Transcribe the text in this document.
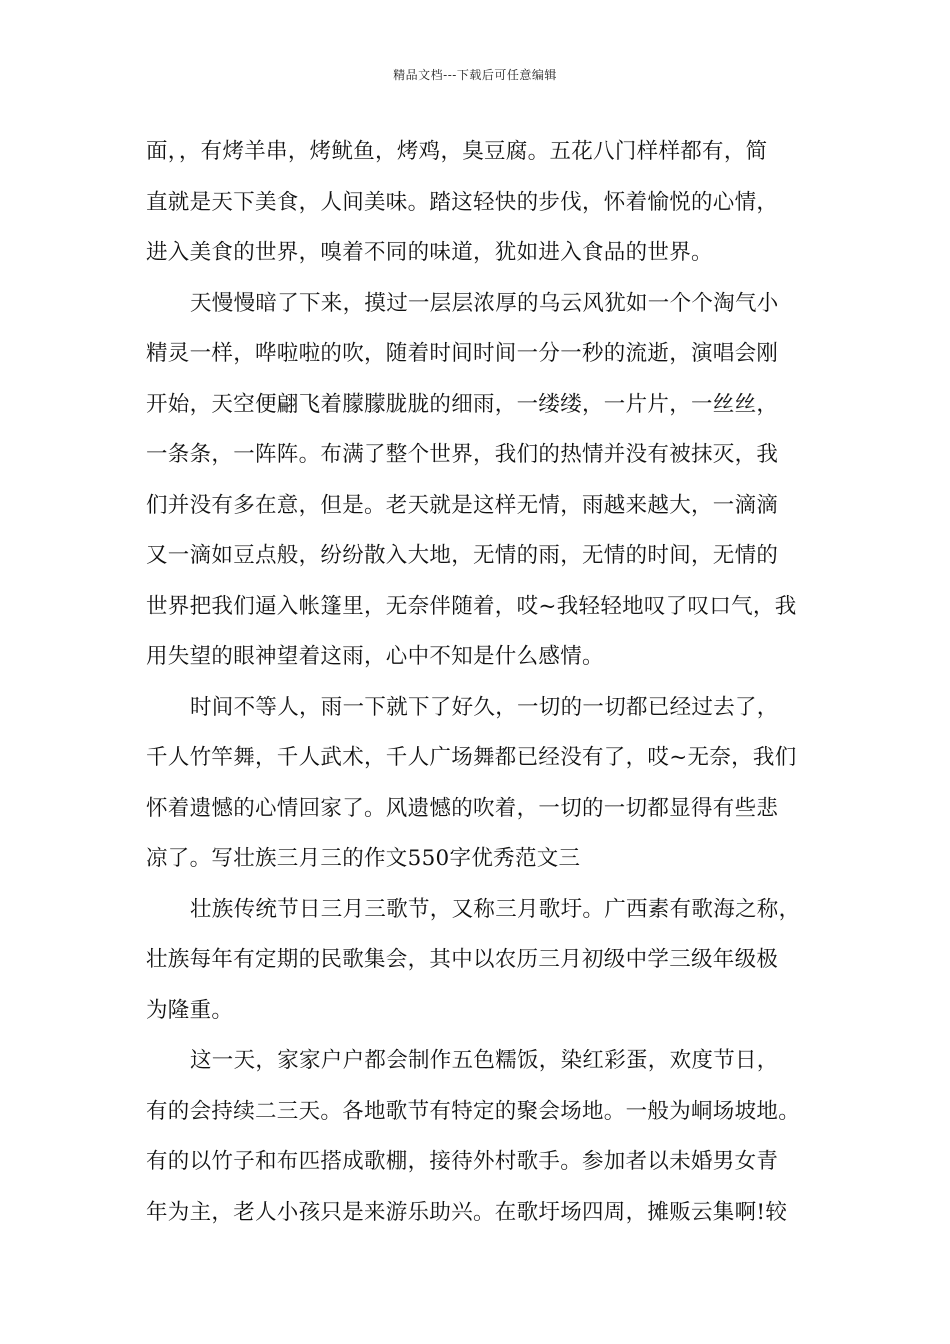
精品文档---下载后可任意编辑
面，，有烤羊串，烤鱿鱼，烤鸡，臭豆腐。五花八门样样都有，简
直就是天下美食，人间美味。踏这轻快的步伐，怀着愉悦的心情，
进入美食的世界，嗅着不同的味道，犹如进入食品的世界。
天慢慢暗了下来，摸过一层层浓厚的乌云风犹如一个个淘气小
精灵一样，哗啦啦的吹，随着时间时间一分一秒的流逝，演唱会刚
开始，天空便翩飞着朦朦胧胧的细雨，一缕缕，一片片，一丝丝，
一条条，一阵阵。布满了整个世界，我们的热情并没有被抹灭，我
们并没有多在意，但是。老天就是这样无情，雨越来越大，一滴滴
又一滴如豆点般，纷纷散入大地，无情的雨，无情的时间，无情的
世界把我们逼入帐篷里，无奈伴随着，哎~我轻轻地叹了叹口气，我
用失望的眼神望着这雨，心中不知是什么感情。
时间不等人，雨一下就下了好久，一切的一切都已经过去了，
千人竹竿舞，千人武术，千人广场舞都已经没有了，哎~无奈，我们
怀着遗憾的心情回家了。风遗憾的吹着，一切的一切都显得有些悲
凉了。写壮族三月三的作文550字优秀范文三
壮族传统节日三月三歌节，又称三月歌圩。广西素有歌海之称，
壮族每年有定期的民歌集会，其中以农历三月初级中学三级年级极
为隆重。
这一天，家家户户都会制作五色糯饭，染红彩蛋，欢度节日，
有的会持续二三天。各地歌节有特定的聚会场地。一般为峒场坡地。
有的以竹子和布匹搭成歌棚，接待外村歌手。参加者以未婚男女青
年为主，老人小孩只是来游乐助兴。在歌圩场四周，摊贩云集啊!较
